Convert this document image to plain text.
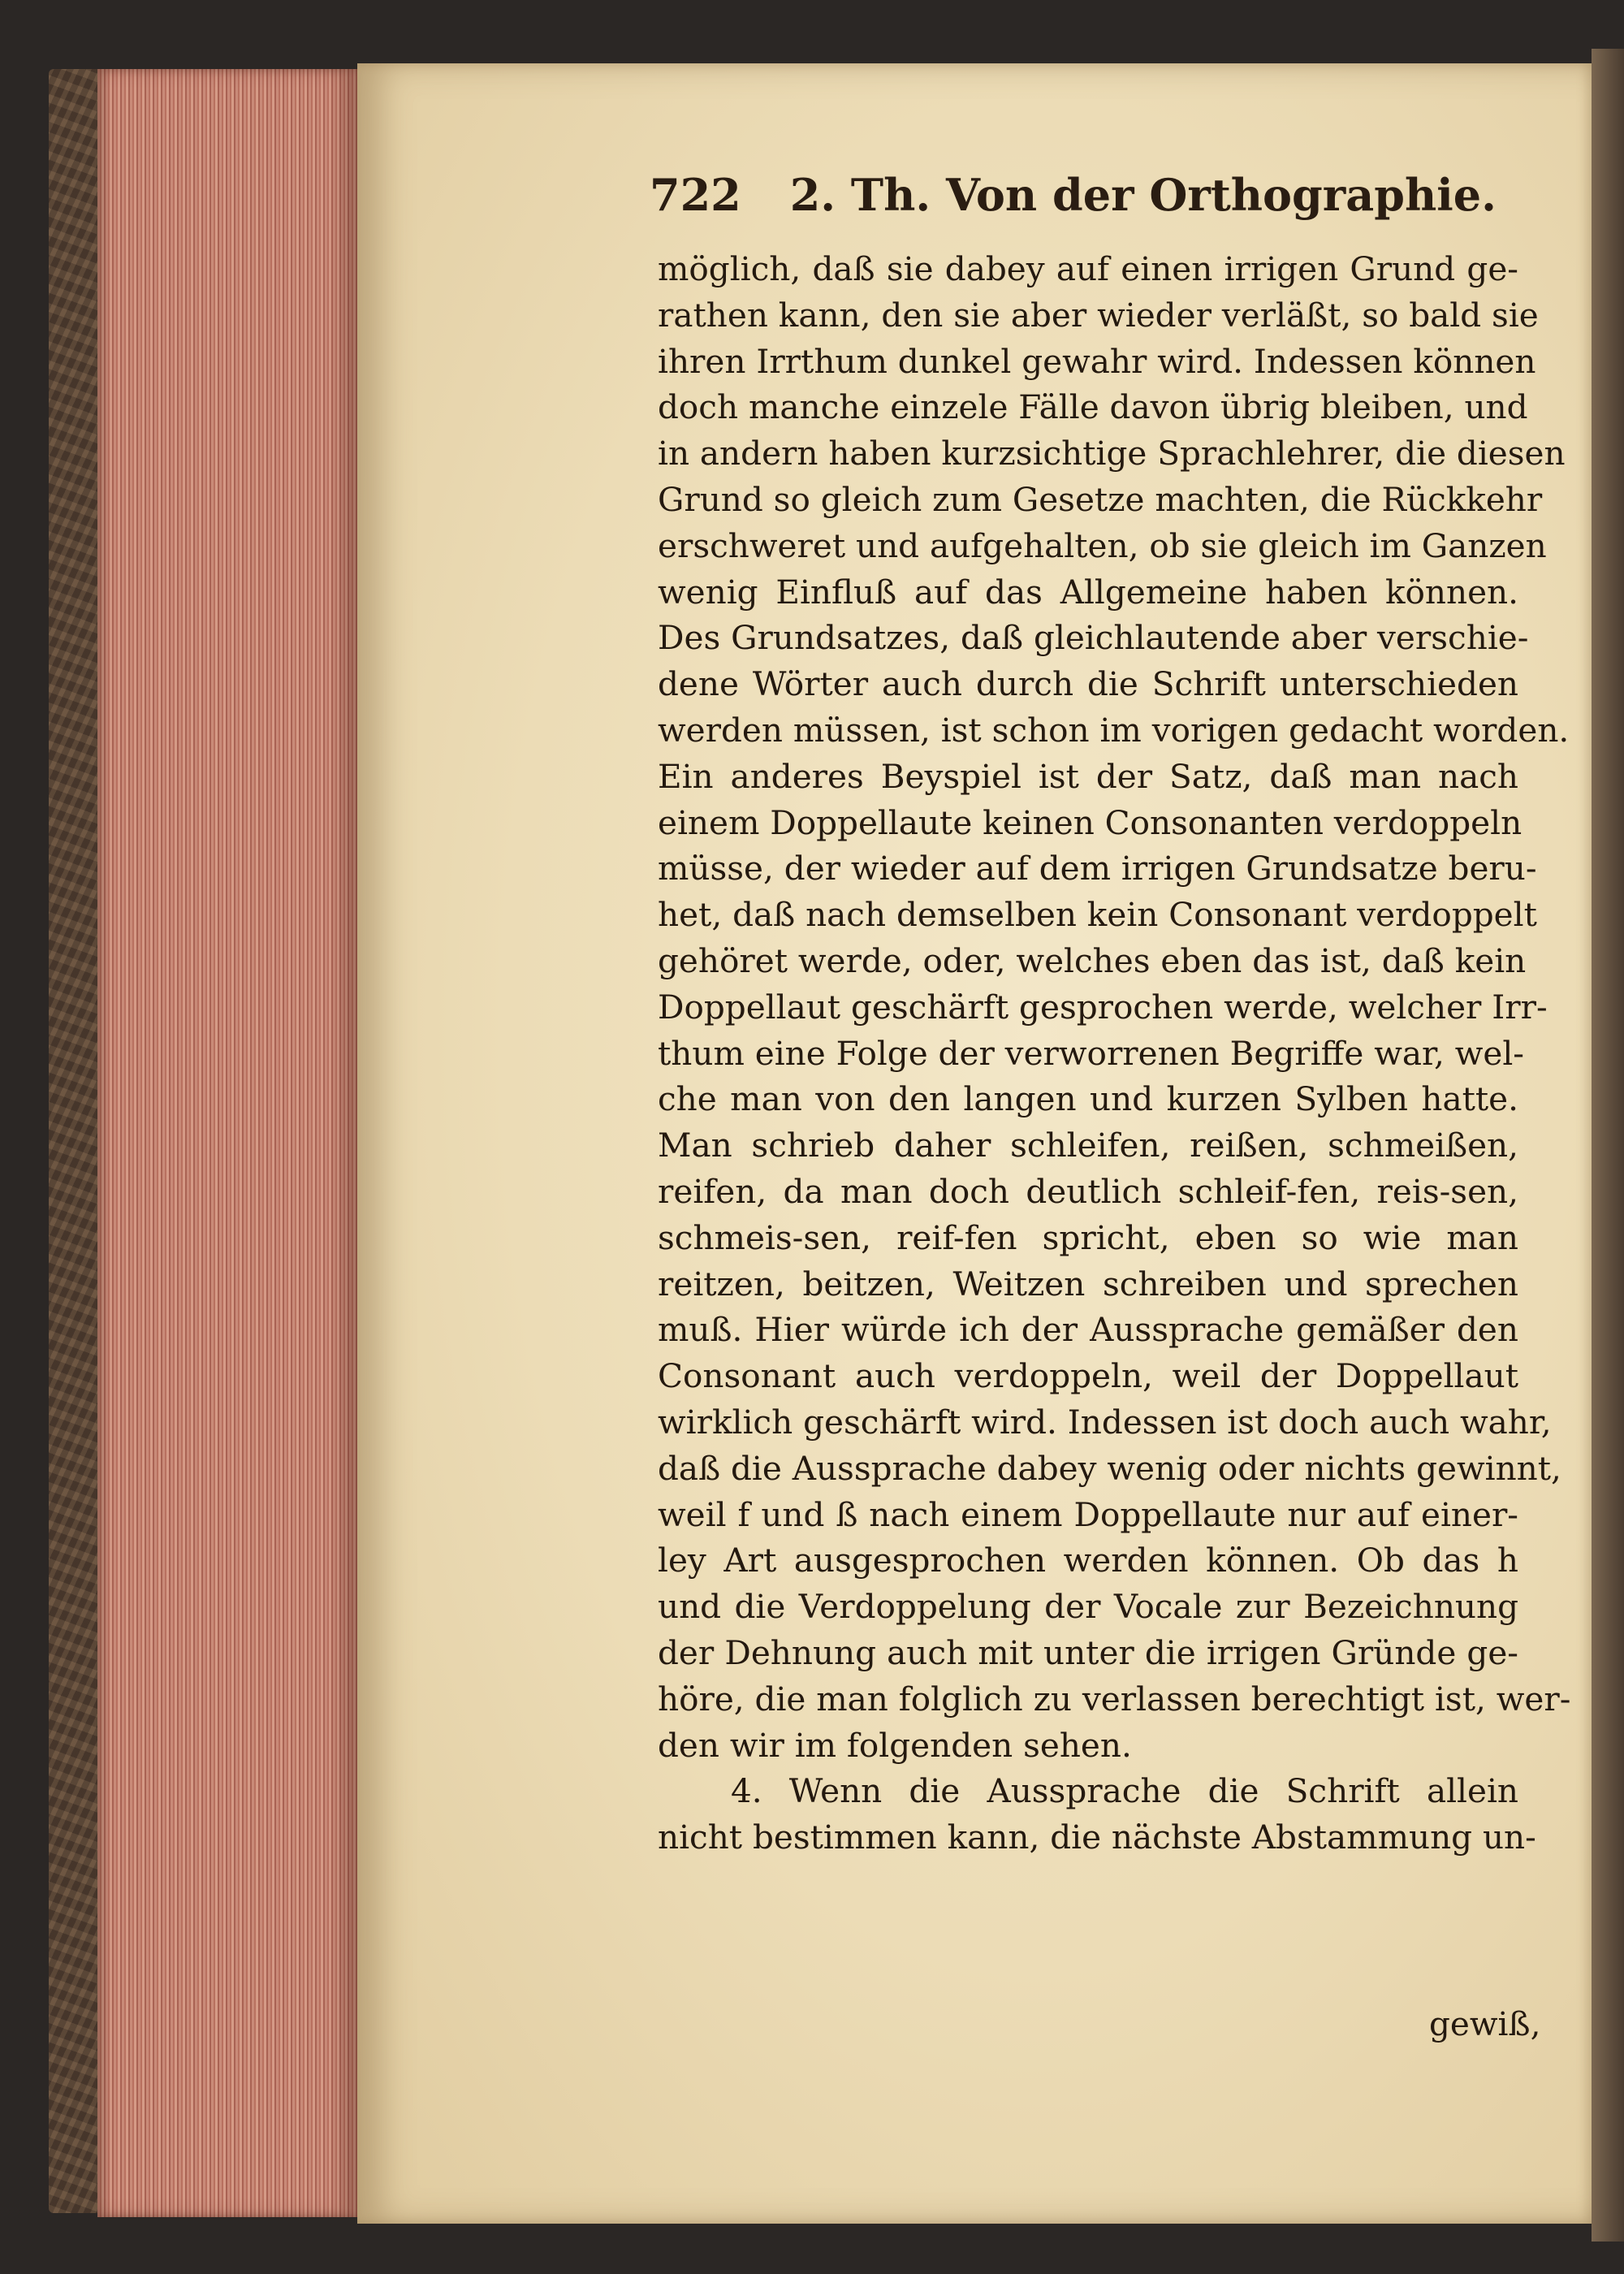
722 2. Th. Von der Orthographie.
möglich, daß sie dabey auf einen irrigen Grund ge-
rathen kann, den sie aber wieder verläßt, so bald sie
ihren Irrthum dunkel gewahr wird. Indessen können
doch manche einzele Fälle davon übrig bleiben, und
in andern haben kurzsichtige Sprachlehrer, die diesen
Grund so gleich zum Gesetze machten, die Rückkehr
erschweret und aufgehalten, ob sie gleich im Ganzen
wenig Einfluß auf das Allgemeine haben können.
Des Grundsatzes, daß gleichlautende aber verschie-
dene Wörter auch durch die Schrift unterschieden
werden müssen, ist schon im vorigen gedacht worden.
Ein anderes Beyspiel ist der Satz, daß man nach
einem Doppellaute keinen Consonanten verdoppeln
müsse, der wieder auf dem irrigen Grundsatze beru-
het, daß nach demselben kein Consonant verdoppelt
gehöret werde, oder, welches eben das ist, daß kein
Doppellaut geschärft gesprochen werde, welcher Irr-
thum eine Folge der verworrenen Begriffe war, wel-
che man von den langen und kurzen Sylben hatte.
Man schrieb daher schleifen, reißen, schmeißen,
reifen, da man doch deutlich schleif-fen, reis-sen,
schmeis-sen, reif-fen spricht, eben so wie man
reitzen, beitzen, Weitzen schreiben und sprechen
muß. Hier würde ich der Aussprache gemäßer den
Consonant auch verdoppeln, weil der Doppellaut
wirklich geschärft wird. Indessen ist doch auch wahr,
daß die Aussprache dabey wenig oder nichts gewinnt,
weil f und ß nach einem Doppellaute nur auf einer-
ley Art ausgesprochen werden können. Ob das h
und die Verdoppelung der Vocale zur Bezeichnung
der Dehnung auch mit unter die irrigen Gründe ge-
höre, die man folglich zu verlassen berechtigt ist, wer-
den wir im folgenden sehen.
4. Wenn die Aussprache die Schrift allein
nicht bestimmen kann, die nächste Abstammung un-
gewiß,
